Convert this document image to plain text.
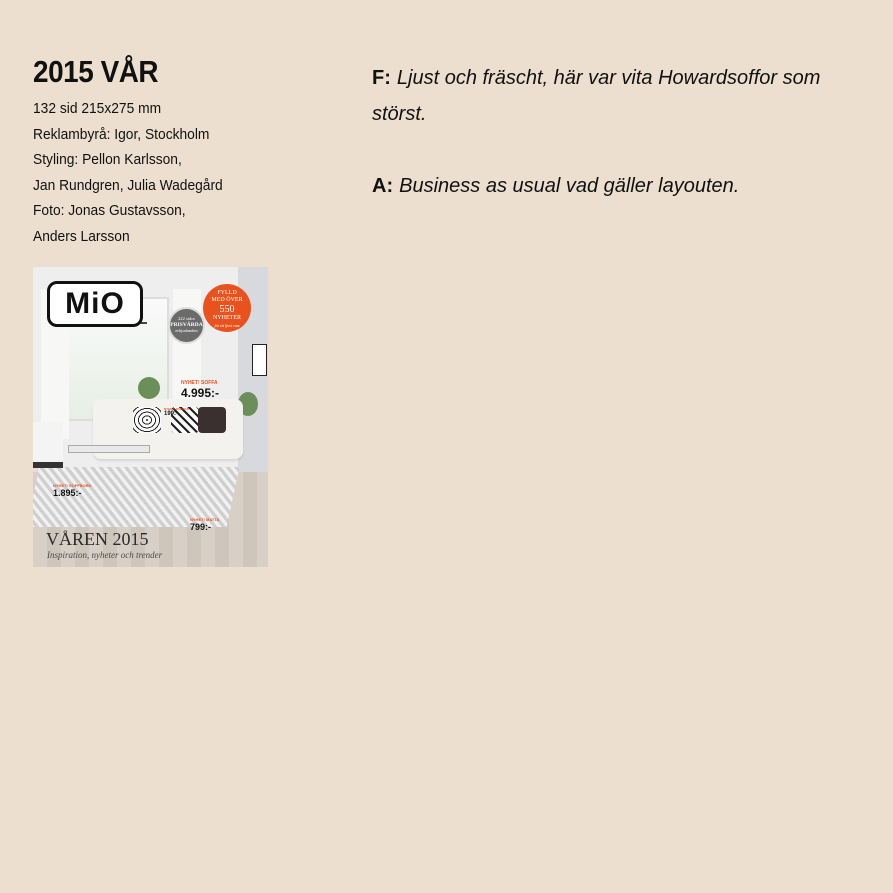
2015 VÅR
132 sid 215x275 mm
Reklambyrå: Igor, Stockholm
Styling: Pellon Karlsson,
Jan Rundgren, Julia Wadegård
Foto: Jonas Gustavsson,
Anders Larsson

F: Ljust och fräscht, här var vita Howardsoffor som störst.

A: Business as usual vad gäller layouten.

MiO	FYLLD
MED ÖVER
550
NYHETER
för ett ljust rum
222 sidor
PRISVÄRDA
erbjudanden
NYHET! SOFFA
4.995:-
NYHET! KUDDAR
199:-
NYHET! SOFFBORD
1.895:-
NYHET! MATTA
799:-
VÅREN 2015
Inspiration, nyheter och trender
